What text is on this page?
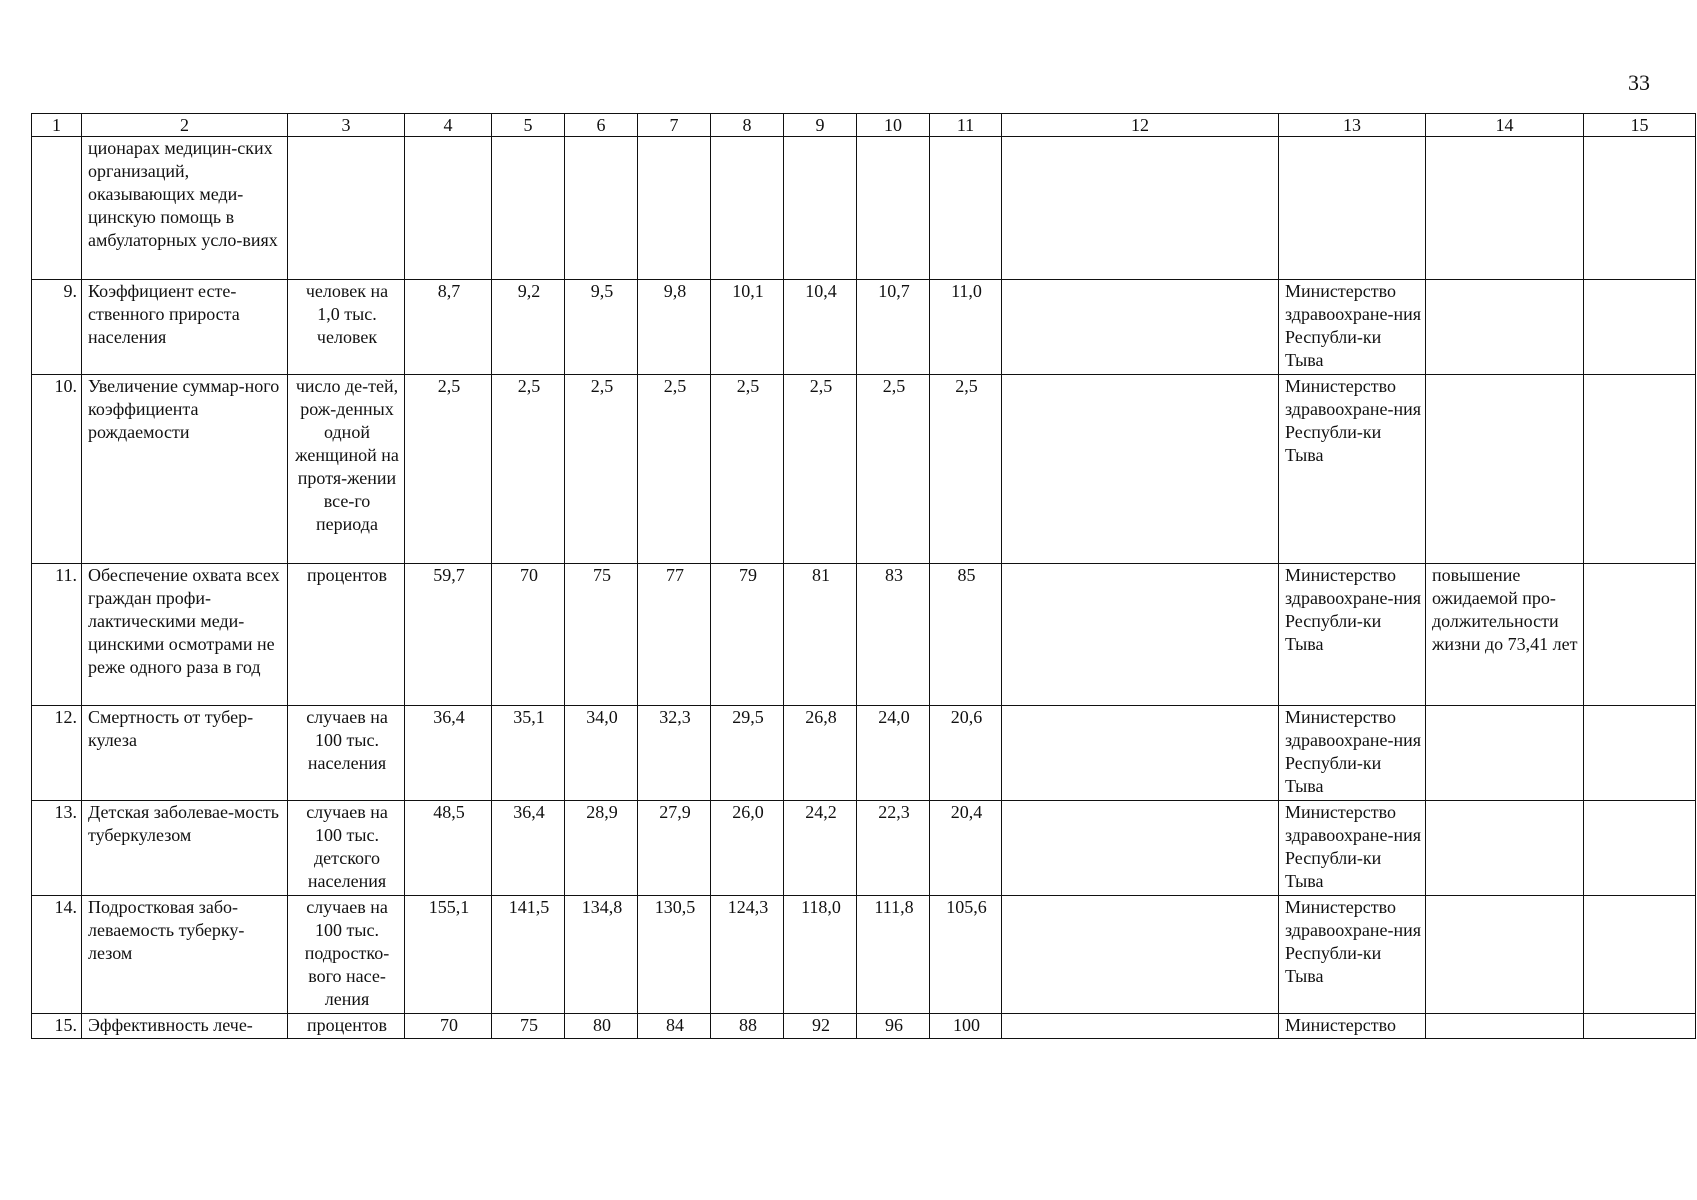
33
1	2	3	4	5	6	7	8	9	10	11	12	13	14	15
	ционарах медицин-ских организаций, оказывающих меди-цинскую помощь в амбулаторных усло-виях													
9.	Коэффициент есте-ственного прироста населения	человек на 1,0 тыс. человек	8,7	9,2	9,5	9,8	10,1	10,4	10,7	11,0		Министерство здравоохране-ния Республи-ки Тыва		
10.	Увеличение суммар-ного коэффициента рождаемости	число де-тей, рож-денных одной женщиной на протя-жении все-го периода	2,5	2,5	2,5	2,5	2,5	2,5	2,5	2,5		Министерство здравоохране-ния Республи-ки Тыва		
11.	Обеспечение охвата всех граждан профи-лактическими меди-цинскими осмотрами не реже одного раза в год	процентов	59,7	70	75	77	79	81	83	85		Министерство здравоохране-ния Республи-ки Тыва	повышение ожидаемой про-должительности жизни до 73,41 лет	
12.	Смертность от тубер-кулеза	случаев на 100 тыс. населения	36,4	35,1	34,0	32,3	29,5	26,8	24,0	20,6		Министерство здравоохране-ния Республи-ки Тыва		
13.	Детская заболевае-мость туберкулезом	случаев на 100 тыс. детского населения	48,5	36,4	28,9	27,9	26,0	24,2	22,3	20,4		Министерство здравоохране-ния Республи-ки Тыва		
14.	Подростковая забо-леваемость туберку-лезом	случаев на 100 тыс. подростко-вого насе-ления	155,1	141,5	134,8	130,5	124,3	118,0	111,8	105,6		Министерство здравоохране-ния Республи-ки Тыва		
15.	Эффективность лече-	процентов	70	75	80	84	88	92	96	100		Министерство		
